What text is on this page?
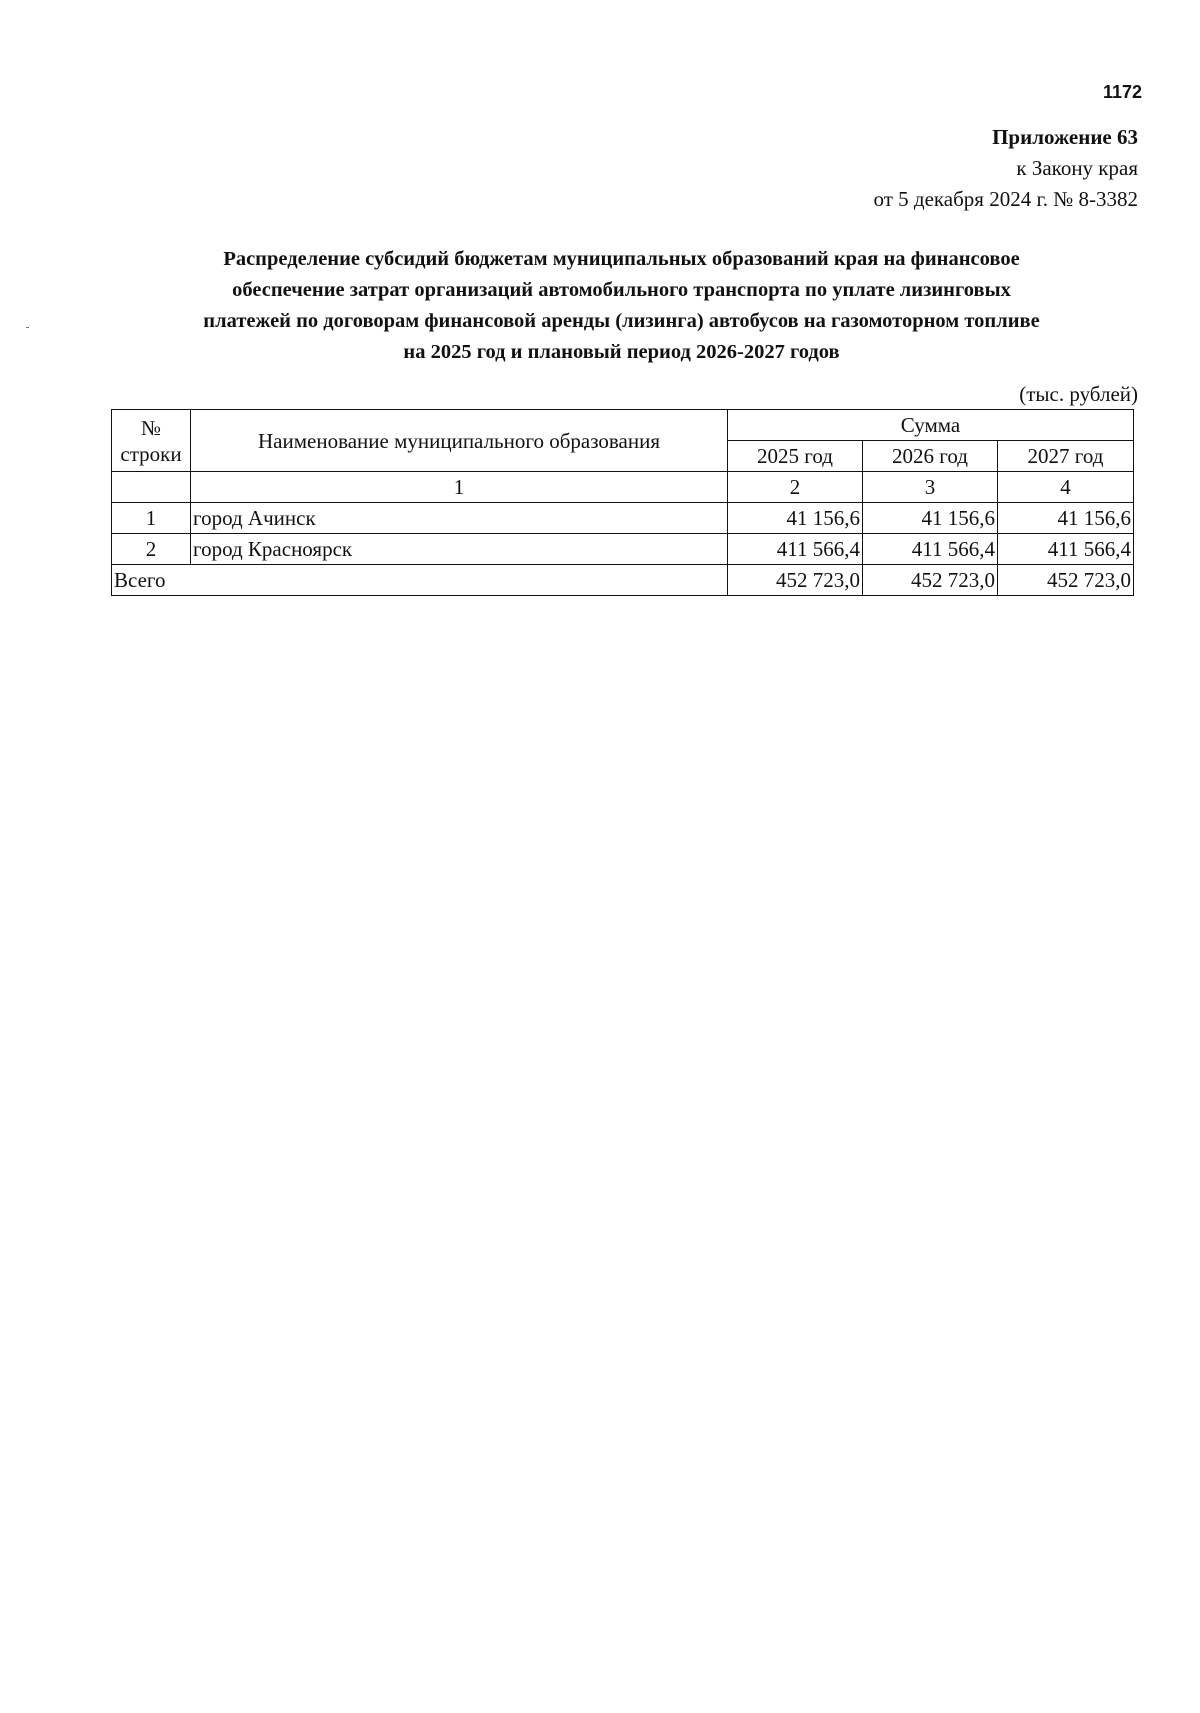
1172
Приложение 63
к Закону края
от 5 декабря 2024 г. № 8-3382
Распределение субсидий бюджетам муниципальных образований края на финансовое
обеспечение затрат организаций автомобильного транспорта по уплате лизинговых
платежей по договорам финансовой аренды (лизинга) автобусов на газомоторном топливе
на 2025 год и плановый период 2026-2027 годов
(тыс. рублей)
№
строки	Наименование муниципального образования	Сумма		
		2025 год	2026 год	2027 год
	1	2	3	4
1	город Ачинск	41 156,6	41 156,6	41 156,6
2	город Красноярск	411 566,4	411 566,4	411 566,4
Всего		452 723,0	452 723,0	452 723,0
